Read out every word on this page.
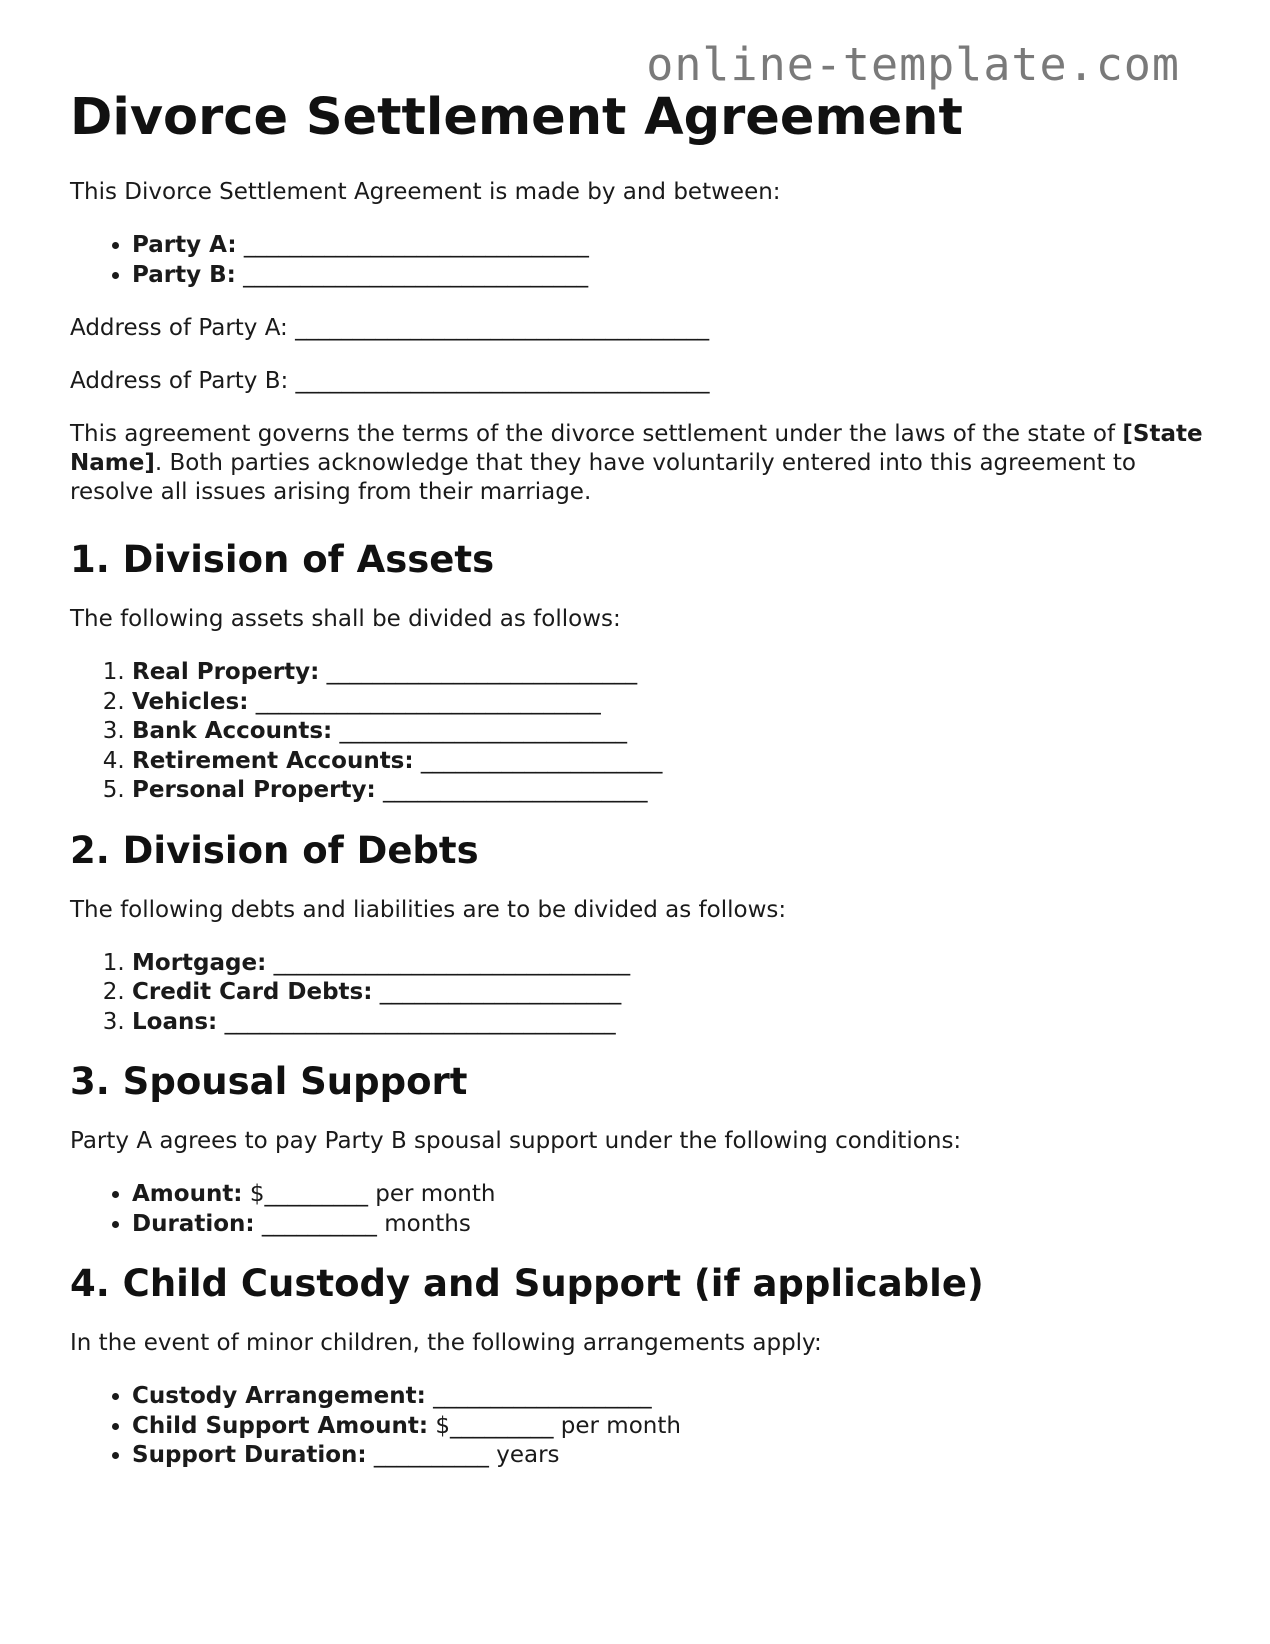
online-template.com
Divorce Settlement Agreement

This Divorce Settlement Agreement is made by and between:

• Party A: ______________________________
• Party B: ______________________________

Address of Party A: ____________________________________

Address of Party B: ____________________________________

This agreement governs the terms of the divorce settlement under the laws of the state of [State Name]. Both parties acknowledge that they have voluntarily entered into this agreement to resolve all issues arising from their marriage.

1. Division of Assets

The following assets shall be divided as follows:

1. Real Property: ___________________________
2. Vehicles: ______________________________
3. Bank Accounts: _________________________
4. Retirement Accounts: _____________________
5. Personal Property: _______________________
2. Division of Debts

The following debts and liabilities are to be divided as follows:

1. Mortgage: _______________________________
2. Credit Card Debts: _____________________
3. Loans: __________________________________
3. Spousal Support

Party A agrees to pay Party B spousal support under the following conditions:

• Amount: $_________ per month
• Duration: __________ months
4. Child Custody and Support (if applicable)

In the event of minor children, the following arrangements apply:

• Custody Arrangement: ___________________
• Child Support Amount: $_________ per month
• Support Duration: __________ years
